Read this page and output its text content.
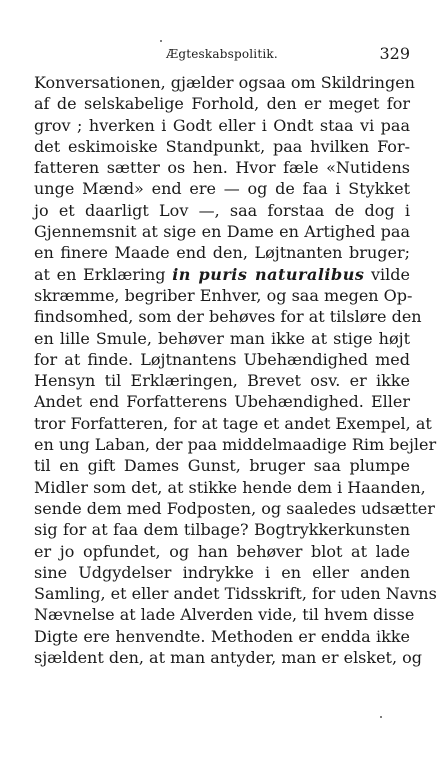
Ægteskabspolitik.	329
Konversationen, gjælder ogsaa om Skildringen
af de selskabelige Forhold, den er meget for
grov ; hverken i Godt eller i Ondt staa vi paa
det eskimoiske Standpunkt, paa hvilken For-
fatteren sætter os hen. Hvor fæle «Nutidens
unge Mænd» end ere — og de faa i Stykket
jo et daarligt Lov —, saa forstaa de dog i
Gjennemsnit at sige en Dame en Artighed paa
en finere Maade end den, Løjtnanten bruger;
at en Erklæring in puris naturalibus vilde
skræmme, begriber Enhver, og saa megen Op-
findsomhed, som der behøves for at tilsløre den
en lille Smule, behøver man ikke at stige højt
for at finde. Løjtnantens Ubehændighed med
Hensyn til Erklæringen, Brevet osv. er ikke
Andet end Forfatterens Ubehændighed. Eller
tror Forfatteren, for at tage et andet Exempel, at
en ung Laban, der paa middelmaadige Rim bejler
til en gift Dames Gunst, bruger saa plumpe
Midler som det, at stikke hende dem i Haanden,
sende dem med Fodposten, og saaledes udsætter
sig for at faa dem tilbage? Bogtrykkerkunsten
er jo opfundet, og han behøver blot at lade
sine Udgydelser indrykke i en eller anden
Samling, et eller andet Tidsskrift, for uden Navns
Nævnelse at lade Alverden vide, til hvem disse
Digte ere henvendte. Methoden er endda ikke
sjældent den, at man antyder, man er elsket, og
